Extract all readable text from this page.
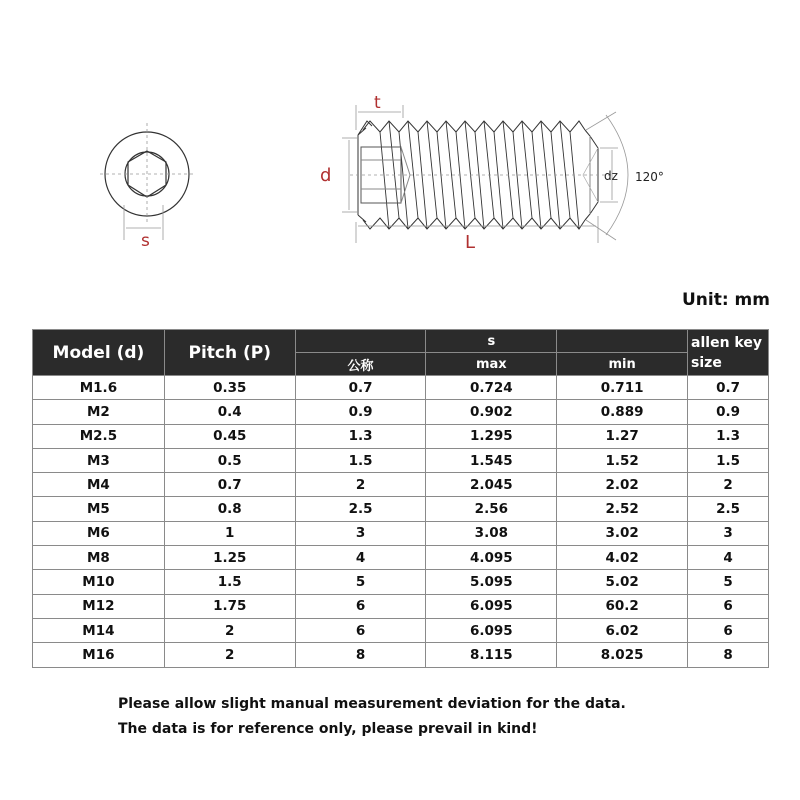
s
t
d
L
dz 120°
Unit: mm
Model (d)	Pitch (P)		s		allen key
size
		公称	max	min	
M1.6	0.35	0.7	0.724	0.711	0.7
M2	0.4	0.9	0.902	0.889	0.9
M2.5	0.45	1.3	1.295	1.27	1.3
M3	0.5	1.5	1.545	1.52	1.5
M4	0.7	2	2.045	2.02	2
M5	0.8	2.5	2.56	2.52	2.5
M6	1	3	3.08	3.02	3
M8	1.25	4	4.095	4.02	4
M10	1.5	5	5.095	5.02	5
M12	1.75	6	6.095	60.2	6
M14	2	6	6.095	6.02	6
M16	2	8	8.115	8.025	8
Please allow slight manual measurement deviation for the data.
The data is for reference only, please prevail in kind!
